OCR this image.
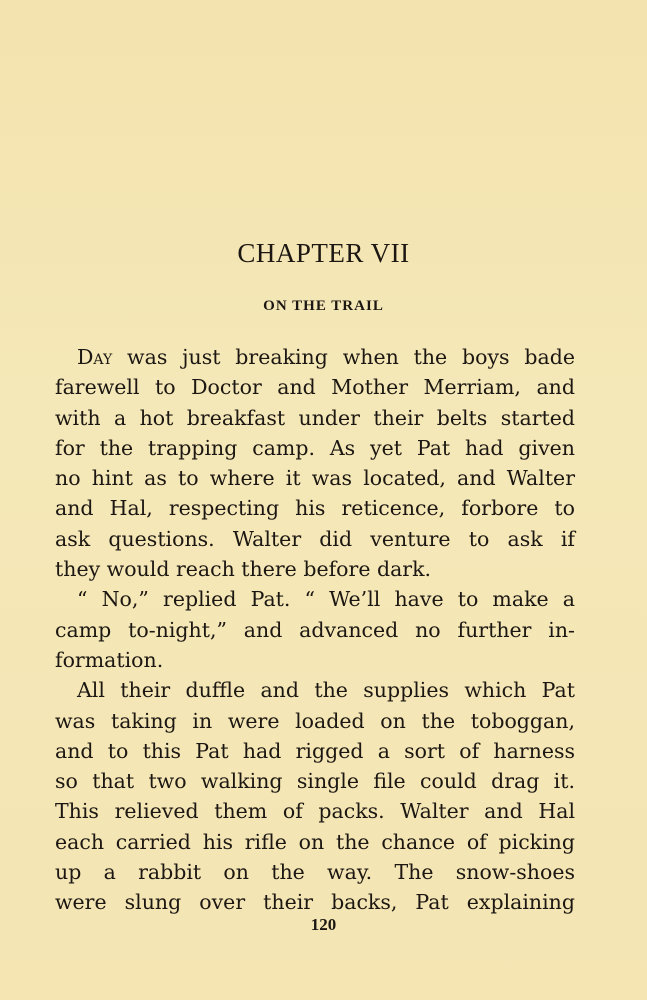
CHAPTER VII
ON THE TRAIL
Day was just breaking when the boys bade
farewell to Doctor and Mother Merriam, and
with a hot breakfast under their belts started
for the trapping camp. As yet Pat had given
no hint as to where it was located, and Walter
and Hal, respecting his reticence, forbore to
ask questions. Walter did venture to ask if
they would reach there before dark.
“ No,” replied Pat. “ We’ll have to make a
camp to-night,” and advanced no further in-
formation.
All their duffle and the supplies which Pat
was taking in were loaded on the toboggan,
and to this Pat had rigged a sort of harness
so that two walking single file could drag it.
This relieved them of packs. Walter and Hal
each carried his rifle on the chance of picking
up a rabbit on the way. The snow-shoes
were slung over their backs, Pat explaining
120
